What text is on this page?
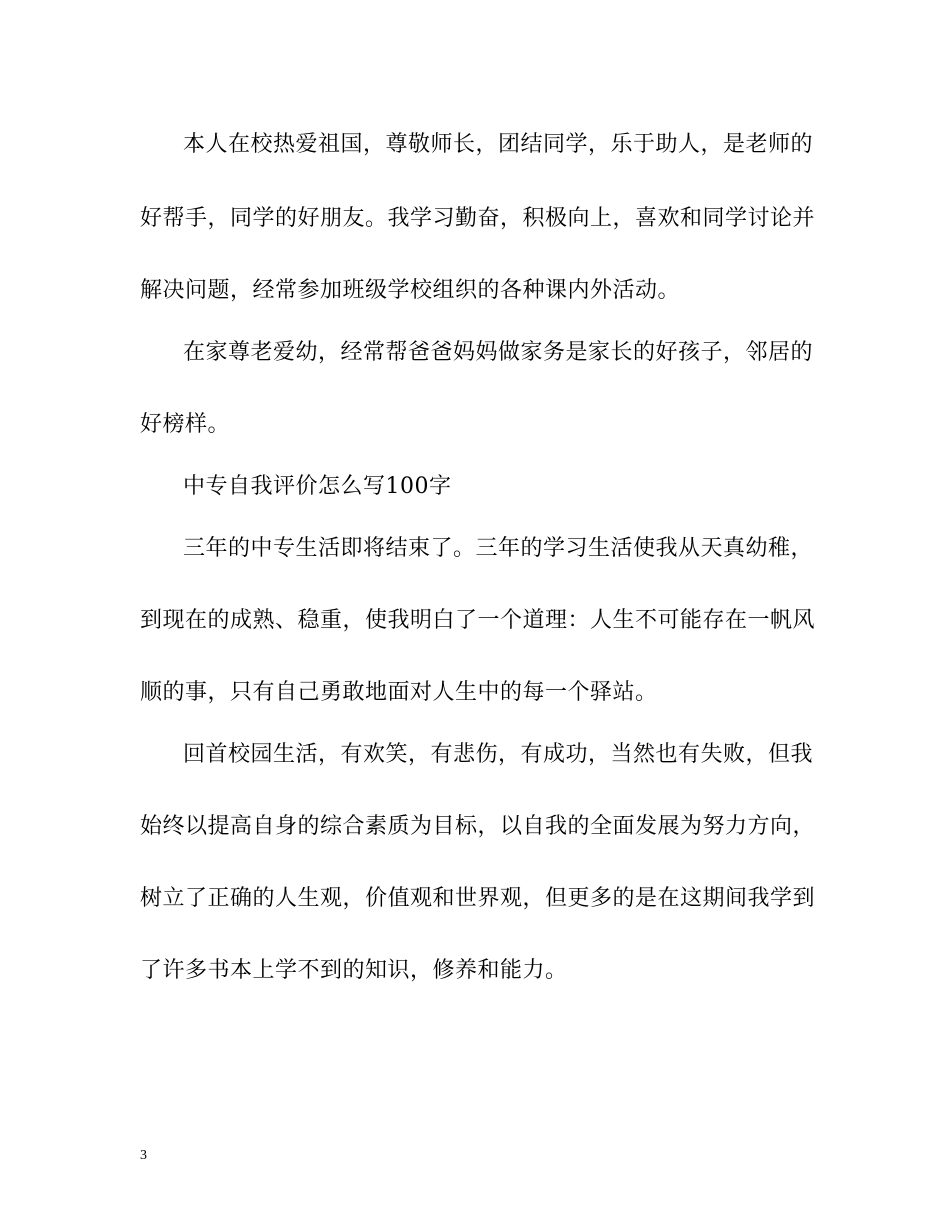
本人在校热爱祖国，尊敬师长，团结同学，乐于助人，是老师的
好帮手，同学的好朋友。我学习勤奋，积极向上，喜欢和同学讨论并
解决问题，经常参加班级学校组织的各种课内外活动。
在家尊老爱幼，经常帮爸爸妈妈做家务是家长的好孩子，邻居的
好榜样。
中专自我评价怎么写100字
三年的中专生活即将结束了。三年的学习生活使我从天真幼稚，
到现在的成熟、稳重，使我明白了一个道理：人生不可能存在一帆风
顺的事，只有自己勇敢地面对人生中的每一个驿站。
回首校园生活，有欢笑，有悲伤，有成功，当然也有失败，但我
始终以提高自身的综合素质为目标，以自我的全面发展为努力方向，
树立了正确的人生观，价值观和世界观，但更多的是在这期间我学到
了许多书本上学不到的知识，修养和能力。
3
